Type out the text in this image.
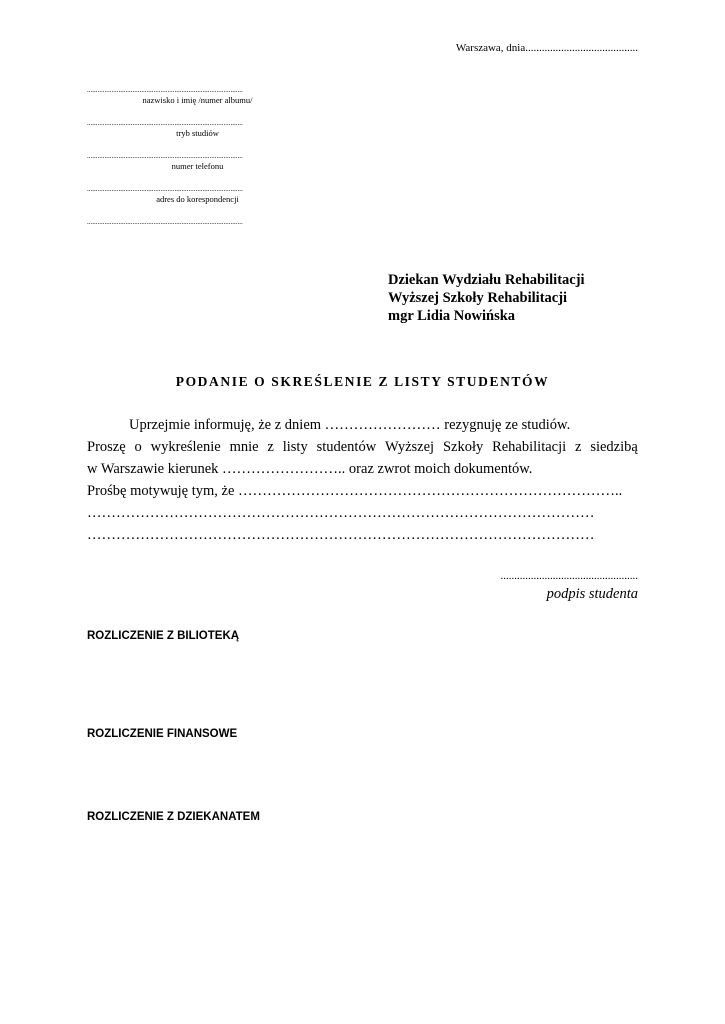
Warszawa, dnia.........................................
.........................................................................................
nazwisko i imię /numer albumu/
.........................................................................................
tryb studiów
.........................................................................................
numer telefonu
.........................................................................................
adres do korespondencji
.........................................................................................
Dziekan Wydziału Rehabilitacji
Wyższej Szkoły Rehabilitacji
mgr Lidia Nowińska
PODANIE O SKREŚLENIE Z LISTY STUDENTÓW
Uprzejmie informuję, że z dniem …………………… rezygnuję ze studiów.
Proszę o wykreślenie mnie z listy studentów Wyższej Szkoły Rehabilitacji z siedzibą
w Warszawie kierunek …………………….. oraz zwrot moich dokumentów.
Prośbę motywuję tym, że ……………………………………………………………………..
……………………………………………………………………………………………
……………………………………………………………………………………………
..................................................
podpis studenta
ROZLICZENIE Z BILIOTEKĄ
ROZLICZENIE FINANSOWE
ROZLICZENIE Z DZIEKANATEM
